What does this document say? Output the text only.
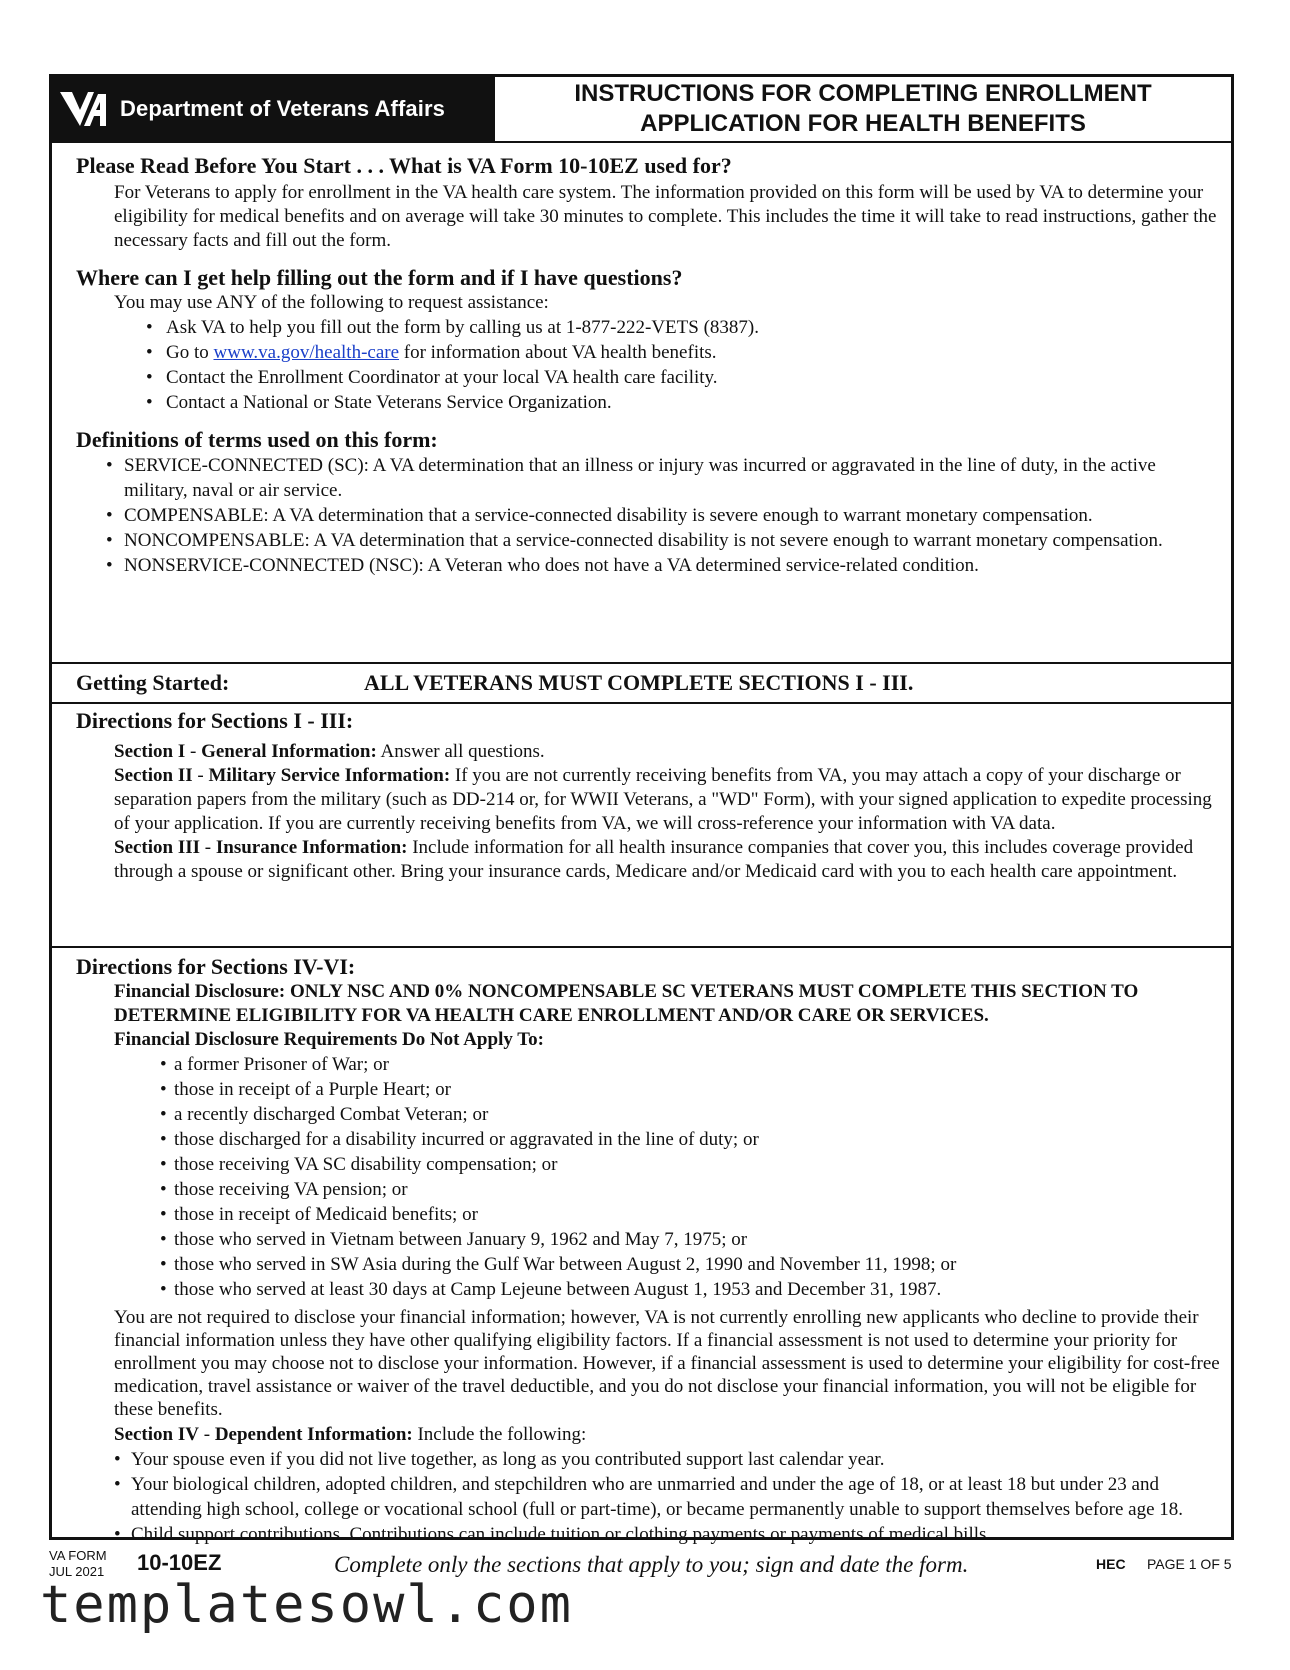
Department of Veterans Affairs
INSTRUCTIONS FOR COMPLETING ENROLLMENT
APPLICATION FOR HEALTH BENEFITS
Please Read Before You Start . . . What is VA Form 10-10EZ used for?

For Veterans to apply for enrollment in the VA health care system. The information provided on this form will be used by VA to determine your eligibility for medical benefits and on average will take 30 minutes to complete. This includes the time it will take to read instructions, gather the necessary facts and fill out the form.

Where can I get help filling out the form and if I have questions?

You may use ANY of the following to request assistance:

• Ask VA to help you fill out the form by calling us at 1-877-222-VETS (8387).
• Go to www.va.gov/health-care for information about VA health benefits.
• Contact the Enrollment Coordinator at your local VA health care facility.
• Contact a National or State Veterans Service Organization.
Definitions of terms used on this form:
• SERVICE-CONNECTED (SC): A VA determination that an illness or injury was incurred or aggravated in the line of duty, in the active military, naval or air service.
• COMPENSABLE: A VA determination that a service-connected disability is severe enough to warrant monetary compensation.
• NONCOMPENSABLE: A VA determination that a service-connected disability is not severe enough to warrant monetary compensation.
• NONSERVICE-CONNECTED (NSC): A Veteran who does not have a VA determined service-related condition.
Getting Started:	ALL VETERANS MUST COMPLETE SECTIONS I - III.
Directions for Sections I - III:

Section I - General Information: Answer all questions.

Section II - Military Service Information: If you are not currently receiving benefits from VA, you may attach a copy of your discharge or separation papers from the military (such as DD-214 or, for WWII Veterans, a "WD" Form), with your signed application to expedite processing of your application. If you are currently receiving benefits from VA, we will cross-reference your information with VA data.

Section III - Insurance Information: Include information for all health insurance companies that cover you, this includes coverage provided through a spouse or significant other. Bring your insurance cards, Medicare and/or Medicaid card with you to each health care appointment.

Directions for Sections IV-VI:

Financial Disclosure: ONLY NSC AND 0% NONCOMPENSABLE SC VETERANS MUST COMPLETE THIS SECTION TO DETERMINE ELIGIBILITY FOR VA HEALTH CARE ENROLLMENT AND/OR CARE OR SERVICES.

Financial Disclosure Requirements Do Not Apply To:

• a former Prisoner of War; or
• those in receipt of a Purple Heart; or
• a recently discharged Combat Veteran; or
• those discharged for a disability incurred or aggravated in the line of duty; or
• those receiving VA SC disability compensation; or
• those receiving VA pension; or
• those in receipt of Medicaid benefits; or
• those who served in Vietnam between January 9, 1962 and May 7, 1975; or
• those who served in SW Asia during the Gulf War between August 2, 1990 and November 11, 1998; or
• those who served at least 30 days at Camp Lejeune between August 1, 1953 and December 31, 1987.

You are not required to disclose your financial information; however, VA is not currently enrolling new applicants who decline to provide their financial information unless they have other qualifying eligibility factors. If a financial assessment is not used to determine your priority for enrollment you may choose not to disclose your information. However, if a financial assessment is used to determine your eligibility for cost-free medication, travel assistance or waiver of the travel deductible, and you do not disclose your financial information, you will not be eligible for these benefits.

Section IV - Dependent Information: Include the following:

• Your spouse even if you did not live together, as long as you contributed support last calendar year.
• Your biological children, adopted children, and stepchildren who are unmarried and under the age of 18, or at least 18 but under 23 and attending high school, college or vocational school (full or part-time), or became permanently unable to support themselves before age 18.
• Child support contributions. Contributions can include tuition or clothing payments or payments of medical bills.
VA FORM
JUL 2021 10-10EZ	Complete only the sections that apply to you; sign and date the form.	HEC PAGE 1 OF 5
templatesowl.com
